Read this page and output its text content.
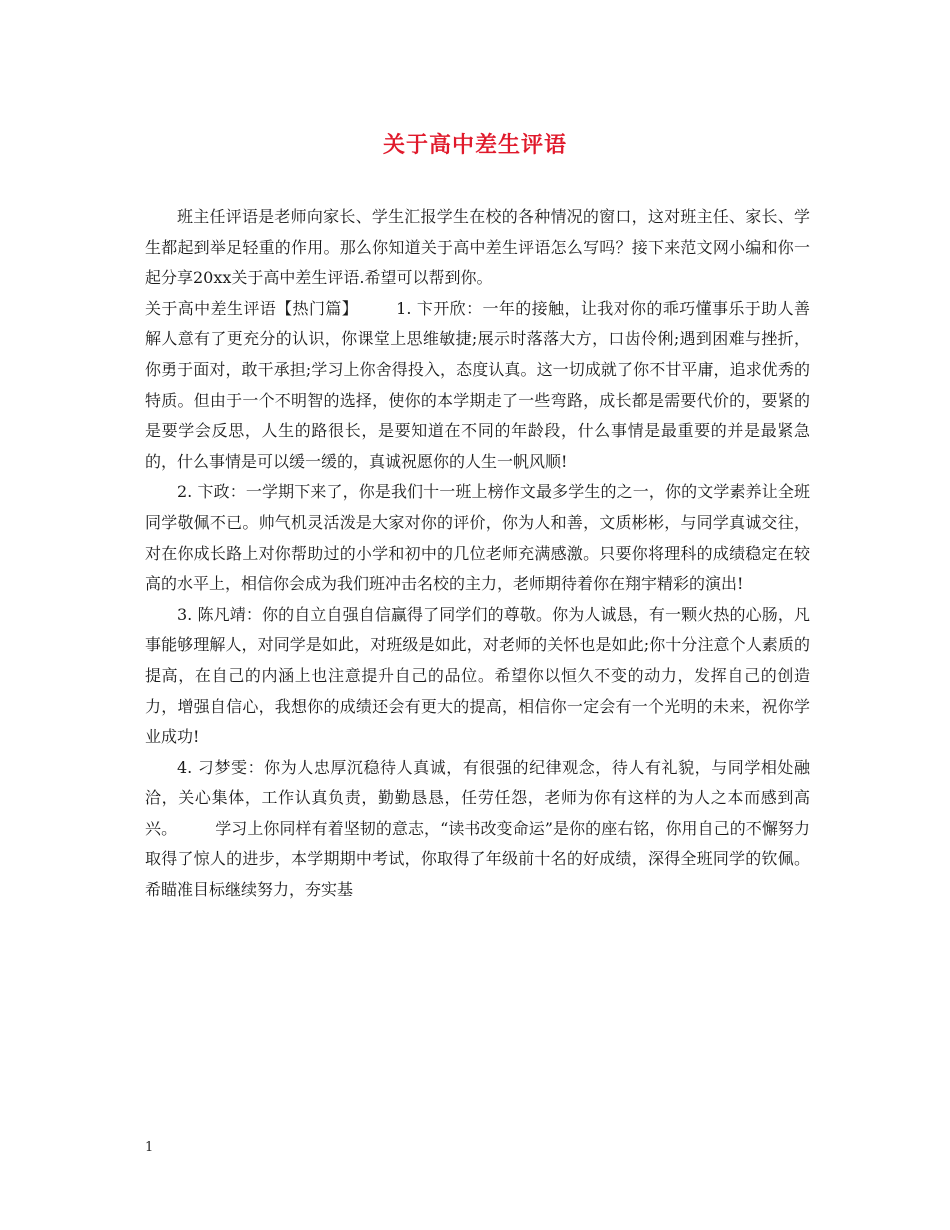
关于高中差生评语

班主任评语是老师向家长、学生汇报学生在校的各种情况的窗口，这对班主任、家长、学生都起到举足轻重的作用。那么你知道关于高中差生评语怎么写吗？接下来范文网小编和你一起分享20xx关于高中差生评语.希望可以帮到你。

关于高中差生评语【热门篇】 1. 卞开欣：一年的接触，让我对你的乖巧懂事乐于助人善解人意有了更充分的认识，你课堂上思维敏捷;展示时落落大方，口齿伶俐;遇到困难与挫折，你勇于面对，敢干承担;学习上你舍得投入，态度认真。这一切成就了你不甘平庸，追求优秀的特质。但由于一个不明智的选择，使你的本学期走了一些弯路，成长都是需要代价的，要紧的是要学会反思，人生的路很长，是要知道在不同的年龄段，什么事情是最重要的并是最紧急的，什么事情是可以缓一缓的，真诚祝愿你的人生一帆风顺!

2. 卞政：一学期下来了，你是我们十一班上榜作文最多学生的之一，你的文学素养让全班同学敬佩不已。帅气机灵活泼是大家对你的评价，你为人和善，文质彬彬，与同学真诚交往，对在你成长路上对你帮助过的小学和初中的几位老师充满感激。只要你将理科的成绩稳定在较高的水平上，相信你会成为我们班冲击名校的主力，老师期待着你在翔宇精彩的演出!

3. 陈凡靖：你的自立自强自信赢得了同学们的尊敬。你为人诚恳，有一颗火热的心肠，凡事能够理解人，对同学是如此，对班级是如此，对老师的关怀也是如此;你十分注意个人素质的提高，在自己的内涵上也注意提升自己的品位。希望你以恒久不变的动力，发挥自己的创造力，增强自信心，我想你的成绩还会有更大的提高，相信你一定会有一个光明的未来，祝你学业成功!

4. 刁梦雯：你为人忠厚沉稳待人真诚，有很强的纪律观念，待人有礼貌，与同学相处融洽，关心集体，工作认真负责，勤勤恳恳，任劳任怨，老师为你有这样的为人之本而感到高兴。 学习上你同样有着坚韧的意志，“读书改变命运”是你的座右铭，你用自己的不懈努力取得了惊人的进步，本学期期中考试，你取得了年级前十名的好成绩，深得全班同学的钦佩。希瞄准目标继续努力，夯实基

1
